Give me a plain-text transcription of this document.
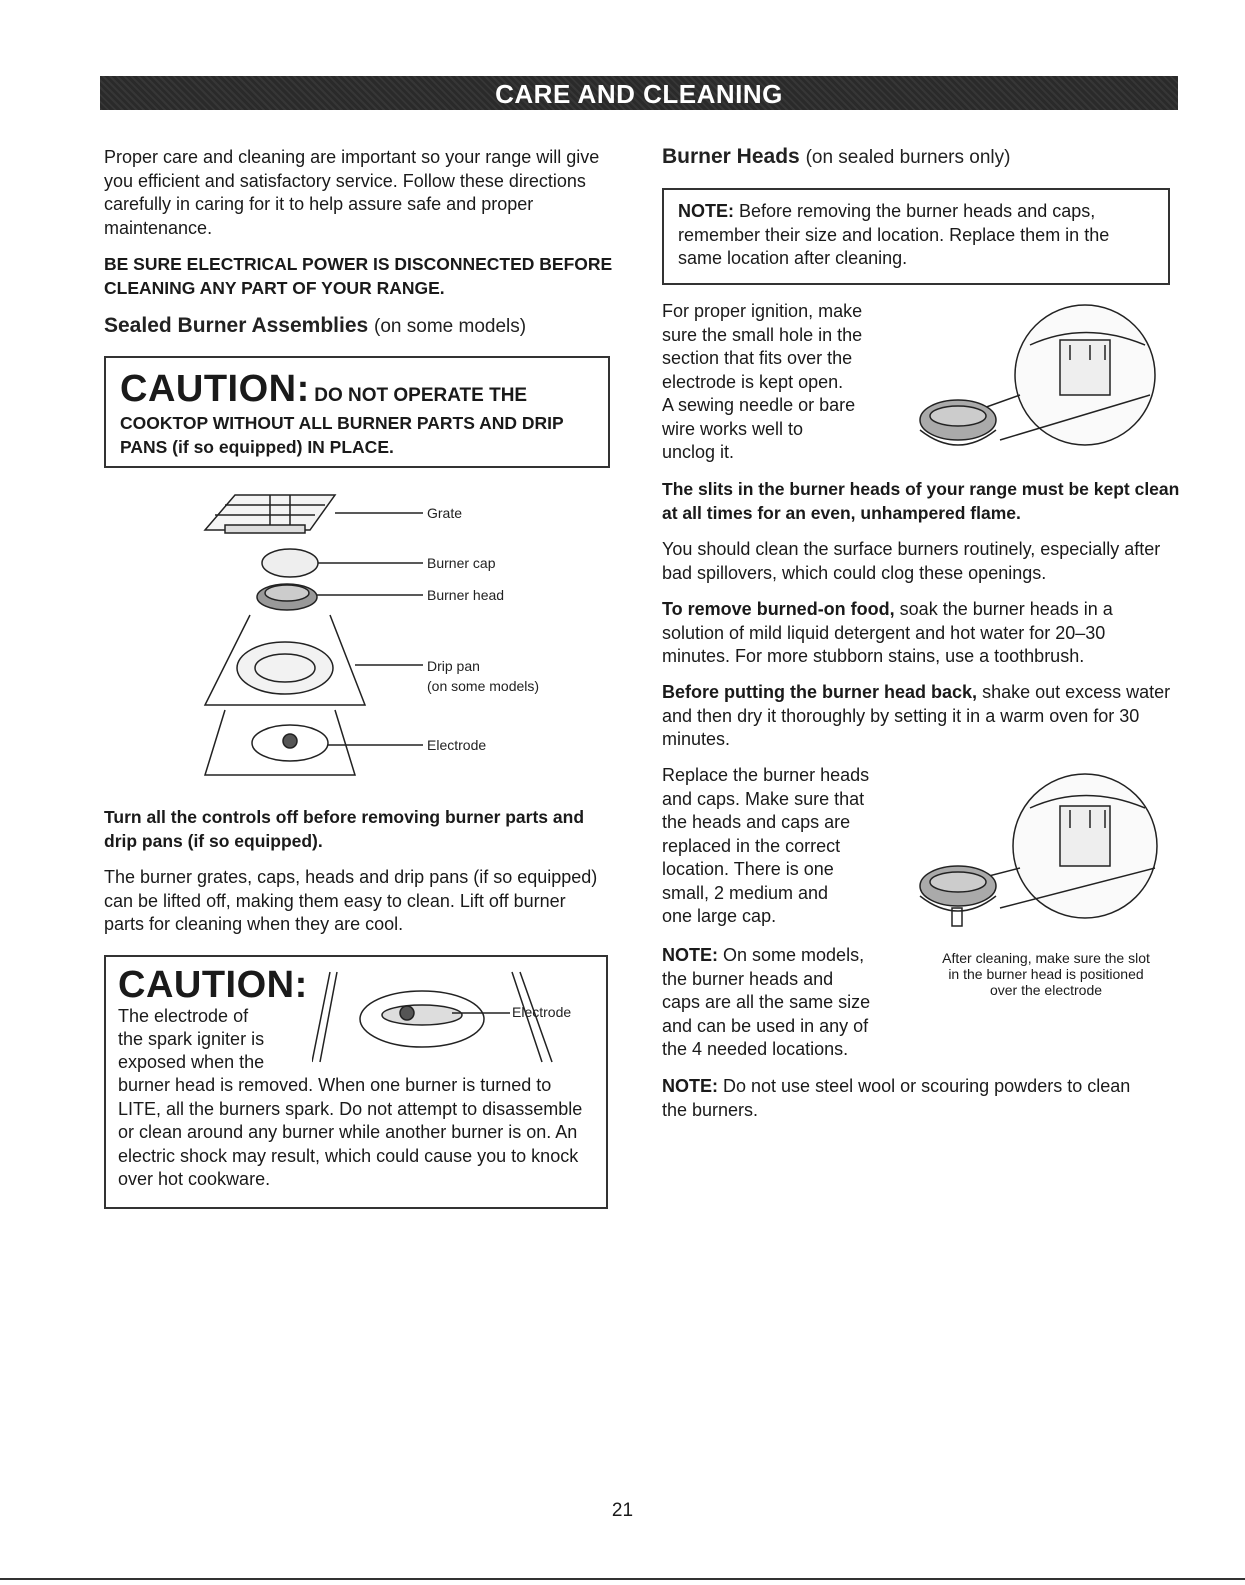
CARE AND CLEANING
Proper care and cleaning are important so your range will give you efficient and satisfactory service. Follow these directions carefully in caring for it to help assure safe and proper maintenance.
BE SURE ELECTRICAL POWER IS DISCONNECTED BEFORE CLEANING ANY PART OF YOUR RANGE.
Sealed Burner Assemblies (on some models)
CAUTION: DO NOT OPERATE THE
COOKTOP WITHOUT ALL BURNER PARTS AND DRIP PANS (if so equipped) IN PLACE.
Grate
Burner cap
Burner head
Drip pan
(on some models)
Electrode
Turn all the controls off before removing burner parts and drip pans (if so equipped).
The burner grates, caps, heads and drip pans (if so equipped) can be lifted off, making them easy to clean. Lift off burner parts for cleaning when they are cool.
CAUTION:
The electrode of
the spark igniter is
exposed when the
burner head is removed. When one burner is turned to LITE, all the burners spark. Do not attempt to disassemble or clean around any burner while another burner is on. An electric shock may result, which could cause you to knock over hot cookware.
Electrode
Burner Heads (on sealed burners only)
NOTE: Before removing the burner heads and caps, remember their size and location. Replace them in the same location after cleaning.
For proper ignition, make
sure the small hole in the
section that fits over the
electrode is kept open.
A sewing needle or bare
wire works well to
unclog it.
The slits in the burner heads of your range must be kept clean at all times for an even, unhampered flame.
You should clean the surface burners routinely, especially after bad spillovers, which could clog these openings.
To remove burned-on food, soak the burner heads in a solution of mild liquid detergent and hot water for 20–30 minutes. For more stubborn stains, use a toothbrush.
Before putting the burner head back, shake out excess water and then dry it thoroughly by setting it in a warm oven for 30 minutes.
Replace the burner heads
and caps. Make sure that
the heads and caps are
replaced in the correct
location. There is one
small, 2 medium and
one large cap.
NOTE: On some models,
the burner heads and
caps are all the same size
and can be used in any of
the 4 needed locations.
After cleaning, make sure the slot
in the burner head is positioned
over the electrode
NOTE: Do not use steel wool or scouring powders to clean the burners.
21
